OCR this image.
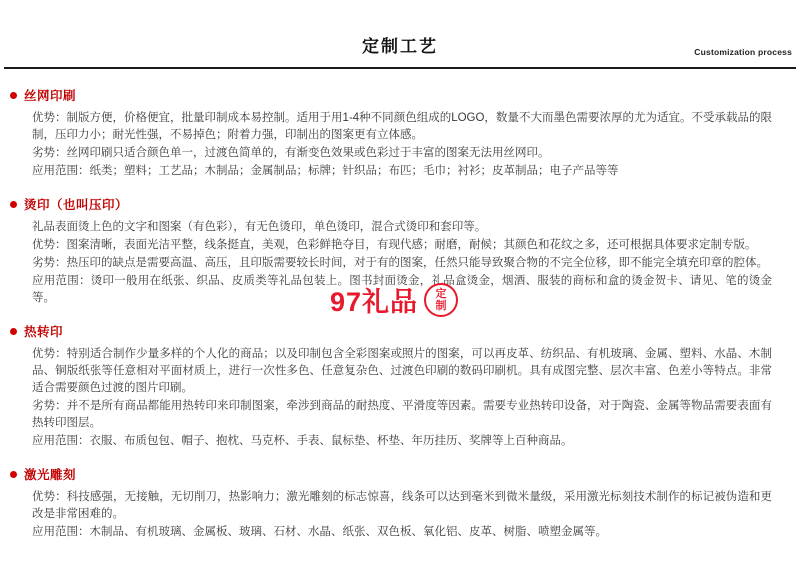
定制工艺	Customization process
丝网印刷

优势：制版方便，价格便宜，批量印制成本易控制。适用于用1-4种不同颜色组成的LOGO，数量不大而墨色需要浓厚的尤为适宜。不受承载品的限制，压印力小；耐光性强，不易掉色；附着力强，印制出的图案更有立体感。

劣势：丝网印刷只适合颜色单一，过渡色简单的，有渐变色效果或色彩过于丰富的图案无法用丝网印。

应用范围：纸类；塑料；工艺品；木制品；金属制品；标牌；针织品；布匹；毛巾；衬衫；皮革制品；电子产品等等

烫印（也叫压印）

礼品表面烫上色的文字和图案（有色彩），有无色烫印，单色烫印，混合式烫印和套印等。

优势：图案清晰，表面光洁平整，线条挺直，美观，色彩鲜艳夺目，有现代感；耐磨，耐候；其颜色和花纹之多，还可根据具体要求定制专版。

劣势：热压印的缺点是需要高温、高压，且印版需要较长时间，对于有的图案，任然只能导致聚合物的不完全位移，即不能完全填充印章的腔体。

应用范围：烫印一般用在纸张、织品、皮质类等礼品包装上。图书封面烫金，礼品盒烫金，烟酒、服装的商标和盒的烫金贺卡、请见、笔的烫金等。

热转印

优势：特别适合制作少量多样的个人化的商品；以及印制包含全彩图案或照片的图案，可以再皮革、纺织品、有机玻璃、金属、塑料、水晶、木制品、铜版纸张等任意相对平面材质上，进行一次性多色、任意复杂色、过渡色印刷的数码印刷机。具有成图完整、层次丰富、色差小等特点。非常适合需要颜色过渡的图片印刷。

劣势：并不是所有商品都能用热转印来印制图案，牵涉到商品的耐热度、平滑度等因素。需要专业热转印设备，对于陶瓷、金属等物品需要表面有热转印图层。

应用范围：衣服、布质包包、帽子、抱枕、马克杯、手表、鼠标垫、杯垫、年历挂历、奖牌等上百种商品。

激光雕刻

优势：科技感强，无接触，无切削刀，热影响力；激光雕刻的标志惊喜，线条可以达到毫米到微米量级，采用激光标刻技术制作的标记被伪造和更改是非常困难的。

应用范围：木制品、有机玻璃、金属板、玻璃、石材、水晶、纸张、双色板、氧化铝、皮革、树脂、喷塑金属等。

97礼品	定
制
